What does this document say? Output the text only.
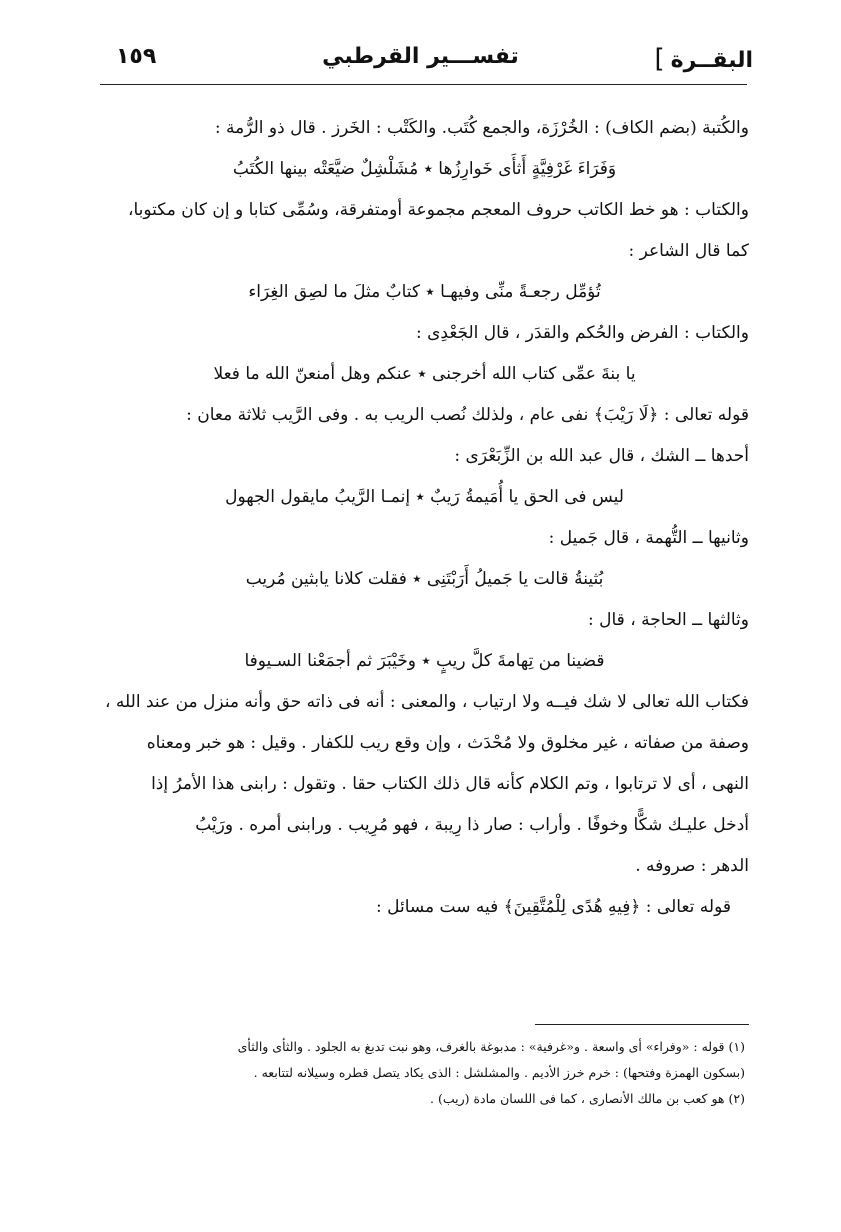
البقــرة]
تفســـير القرطبي
١٥٩
والكُتبة (بضم الكاف) : الخُرْزَة، والجمع كُتَب. والكَتْب : الخَرز . قال ذو الرُّمة :
وَفَرَاءَ غَرْفِيَّةٍ أَثأَى خَوارِزُها ٭ مُشَلْشِلٌ ضيَّعَتْه بينها الكُتَبُ
والكتاب : هو خط الكاتب حروف المعجم مجموعة أومتفرقة، وسُمِّى كتابا و إن كان مكتوبا،
كما قال الشاعر :
تُؤمِّل رجعـةً منِّى وفيهـا ٭ كتابٌ مثلَ ما لصِق الغِرَاء
والكتاب : الفرض والحُكم والقدَر ، قال الجَعْدِى :
يا بنةَ عمِّى كتاب الله أخرجنى ٭ عنكم وهل أمنعنّ الله ما فعلا
قوله تعالى : ﴿لَا رَيْبَ﴾ نفى عام ، ولذلك نُصب الريب به . وفى الرَّيب ثلاثة معان :
أحدها ــ الشك ، قال عبد الله بن الزِّبَعْرَى :
ليس فى الحق يا أُمَيمةُ رَيبٌ ٭ إنمـا الرَّيبُ مايقول الجهول
وثانيها ــ التُّهمة ، قال جَميل :
بُثينةُ قالت يا جَميلُ أَرَبْتَنِى ٭ فقلت كلانا يابثين مُريب
وثالثها ــ الحاجة ، قال :
قضينا من تِهامةَ كلَّ ريبٍ ٭ وخَيْبَرَ ثم أجمَعْنا السـيوفا
فكتاب الله تعالى لا شك فيــه ولا ارتياب ، والمعنى : أنه فى ذاته حق وأنه منزل من عند الله ،
وصفة من صفاته ، غير مخلوق ولا مُحْدَث ، وإن وقع ريب للكفار . وقيل : هو خبر ومعناه
النهى ، أى لا ترتابوا ، وتم الكلام كأنه قال ذلك الكتاب حقا . وتقول : رابنى هذا الأمرُ إذا
أدخل عليـك شكًّا وخوفًا . وأراب : صار ذا رِيبة ، فهو مُرِيب . ورابنى أمره . ورَيْبُ
الدهر : صروفه .
قوله تعالى : ﴿فِيهِ هُدًى لِلْمُتَّقِينَ﴾ فيه ست مسائل :
(١) قوله : «وفراء» أى واسعة . و«غرفية» : مدبوغة بالغرف، وهو نبت تدبغ به الجلود . والثأى والثأى
(بسكون الهمزة وفتحها) : خرم خرز الأديم . والمشلشل : الذى يكاد يتصل قطره وسيلانه لتتابعه .
(٢) هو كعب بن مالك الأنصارى ، كما فى اللسان مادة (ريب) .
